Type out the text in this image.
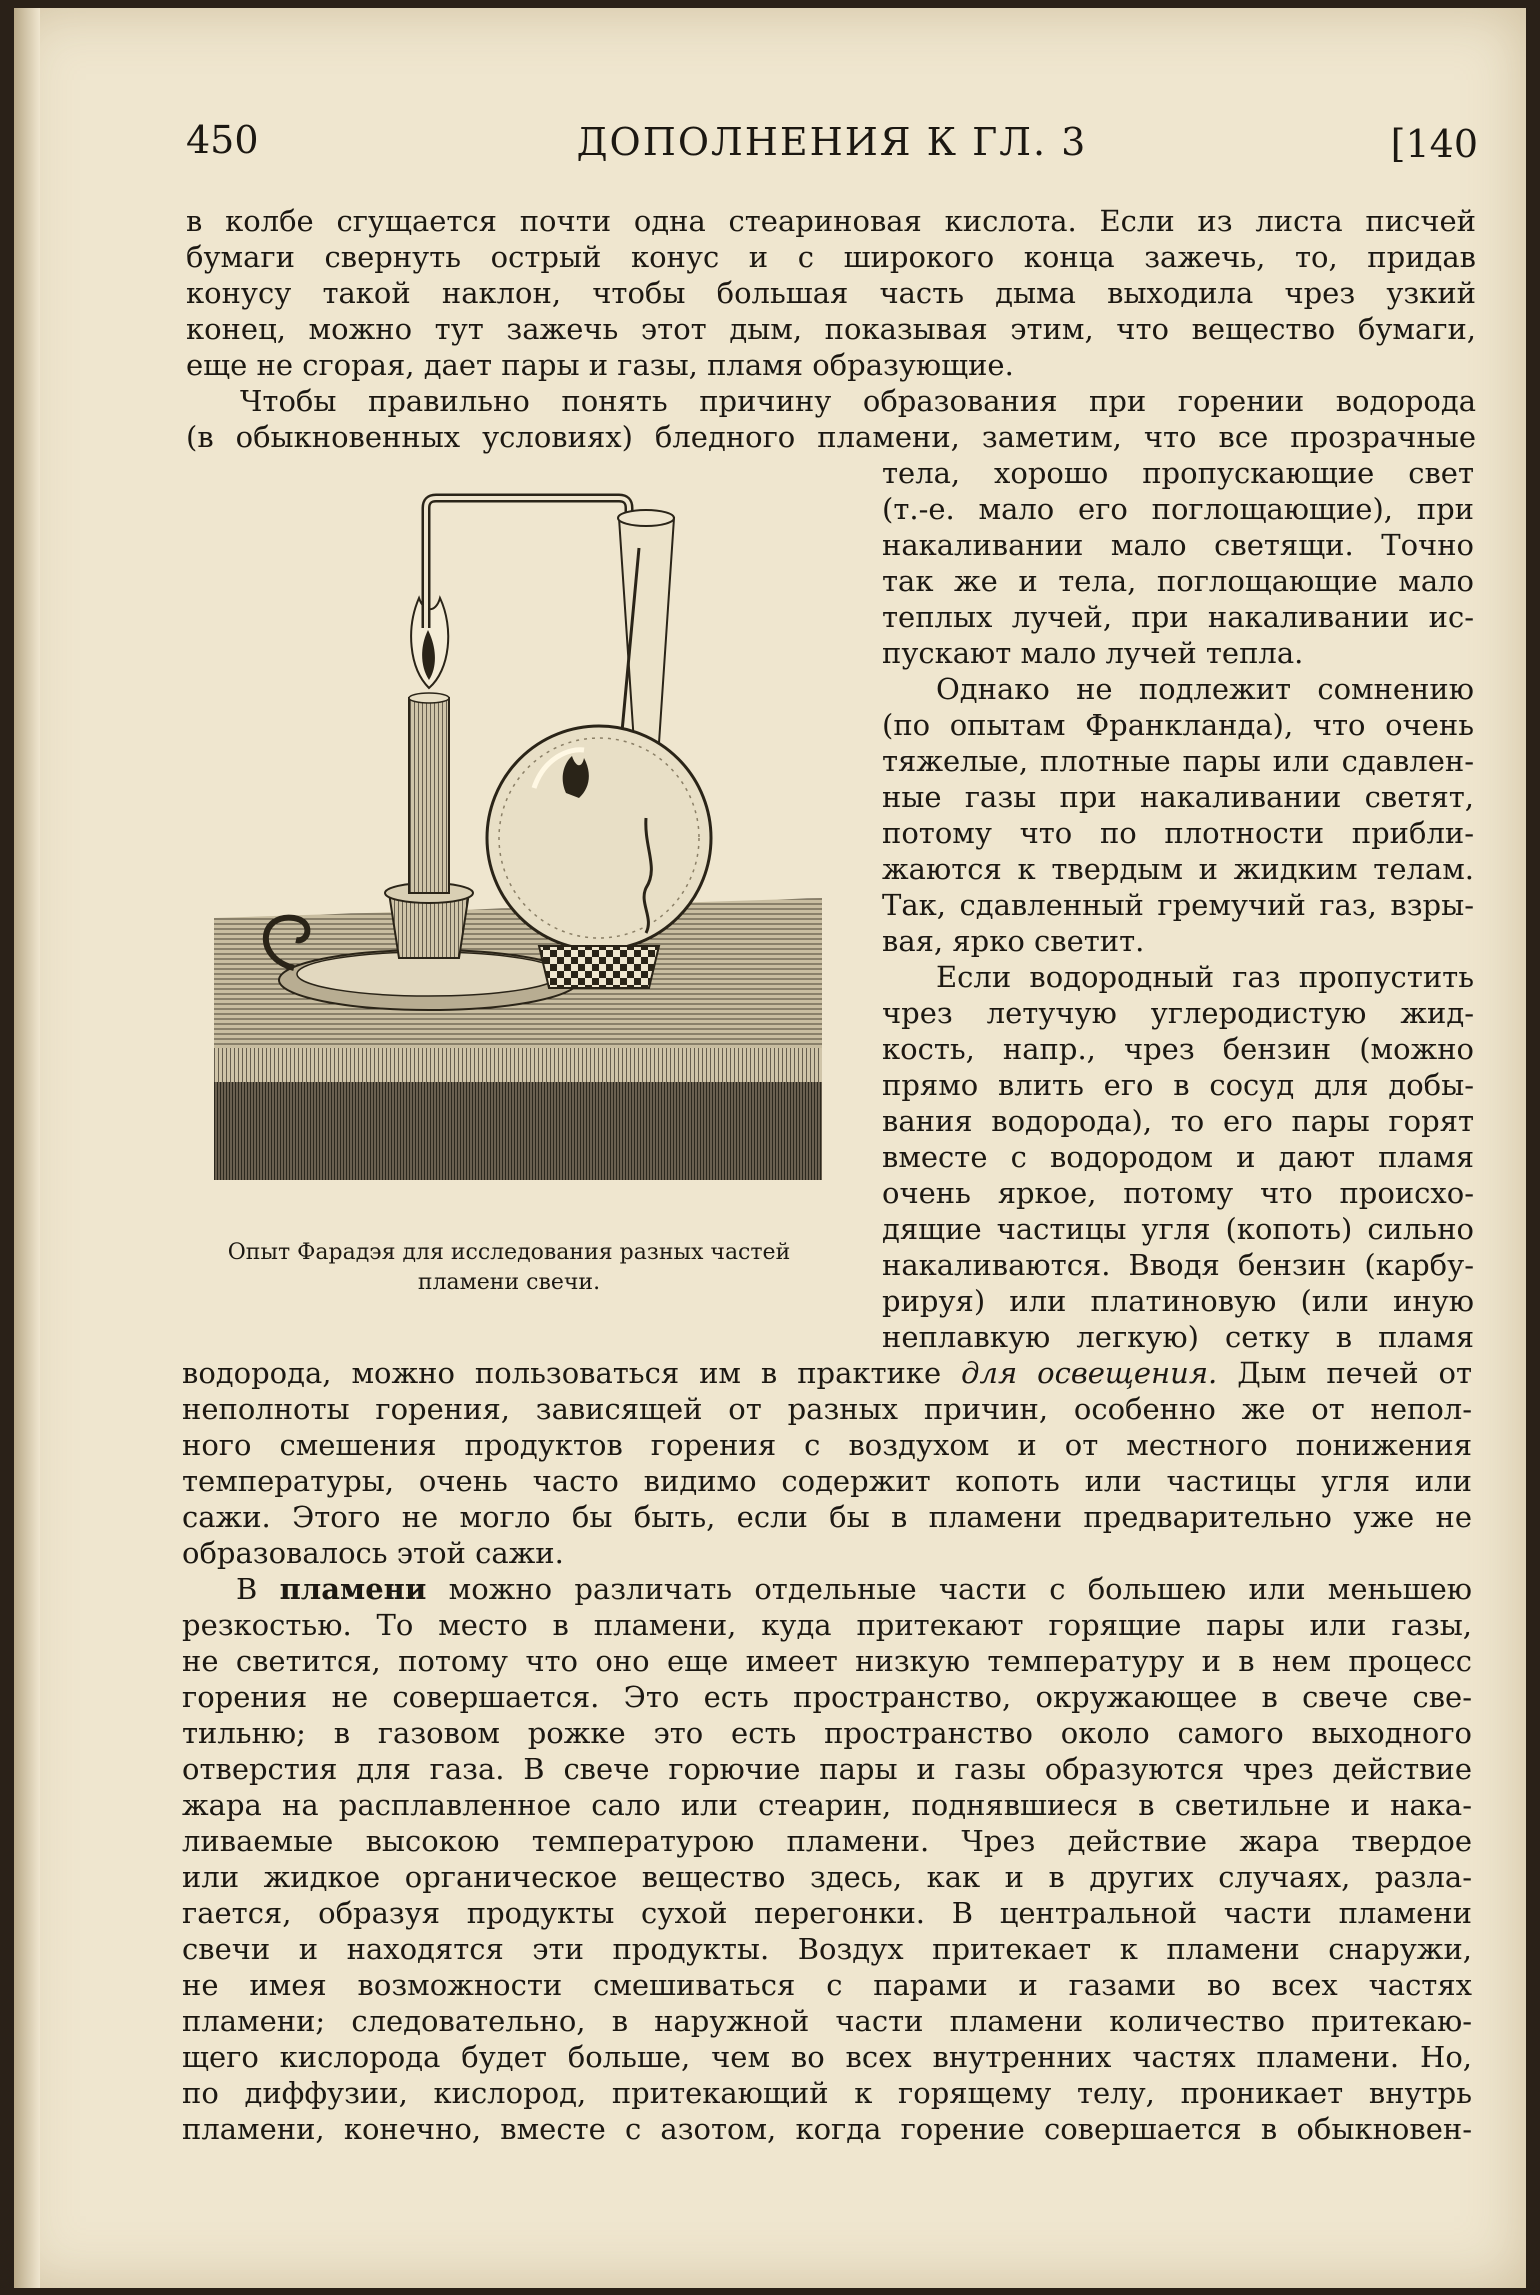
450	ДОПОЛНЕНИЯ К ГЛ. 3	[140
в колбе сгущается почти одна стеариновая кислота. Если из листа писчей
бумаги свернуть острый конус и с широкого конца зажечь, то, придав
конусу такой наклон, чтобы большая часть дыма выходила чрез узкий
конец, можно тут зажечь этот дым, показывая этим, что вещество бумаги,
еще не сгорая, дает пары и газы, пламя образующие.
Чтобы правильно понять причину образования при горении водорода
(в обыкновенных условиях) бледного пламени, заметим, что все прозрачные
тела, хорошо пропускающие свет
(т.-е. мало его поглощающие), при
накаливании мало светящи. Точно
так же и тела, поглощающие мало
теплых лучей, при накаливании ис-
пускают мало лучей тепла.
Однако не подлежит сомнению
(по опытам Франкланда), что очень
тяжелые, плотные пары или сдавлен-
ные газы при накаливании светят,
потому что по плотности прибли-
жаются к твердым и жидким телам.
Так, сдавленный гремучий газ, взры-
вая, ярко светит.
Если водородный газ пропустить
чрез летучую углеродистую жид-
кость, напр., чрез бензин (можно
прямо влить его в сосуд для добы-
вания водорода), то его пары горят
вместе с водородом и дают пламя
очень яркое, потому что происхо-
дящие частицы угля (копоть) сильно
накаливаются. Вводя бензин (карбу-
рируя) или платиновую (или иную
неплавкую легкую) сетку в пламя
водорода, можно пользоваться им в практике для освещения. Дым печей от
неполноты горения, зависящей от разных причин, особенно же от непол-
ного смешения продуктов горения с воздухом и от местного понижения
температуры, очень часто видимо содержит копоть или частицы угля или
сажи. Этого не могло бы быть, если бы в пламени предварительно уже не
образовалось этой сажи.
В пламени можно различать отдельные части с большею или меньшею
резкостью. То место в пламени, куда притекают горящие пары или газы,
не светится, потому что оно еще имеет низкую температуру и в нем процесс
горения не совершается. Это есть пространство, окружающее в свече све-
тильню; в газовом рожке это есть пространство около самого выходного
отверстия для газа. В свече горючие пары и газы образуются чрез действие
жара на расплавленное сало или стеарин, поднявшиеся в светильне и нака-
ливаемые высокою температурою пламени. Чрез действие жара твердое
или жидкое органическое вещество здесь, как и в других случаях, разла-
гается, образуя продукты сухой перегонки. В центральной части пламени
свечи и находятся эти продукты. Воздух притекает к пламени снаружи,
не имея возможности смешиваться с парами и газами во всех частях
пламени; следовательно, в наружной части пламени количество притекаю-
щего кислорода будет больше, чем во всех внутренних частях пламени. Но,
по диффузии, кислород, притекающий к горящему телу, проникает внутрь
пламени, конечно, вместе с азотом, когда горение совершается в обыкновен-
Опыт Фарадэя для исследования разных частей
пламени свечи.
